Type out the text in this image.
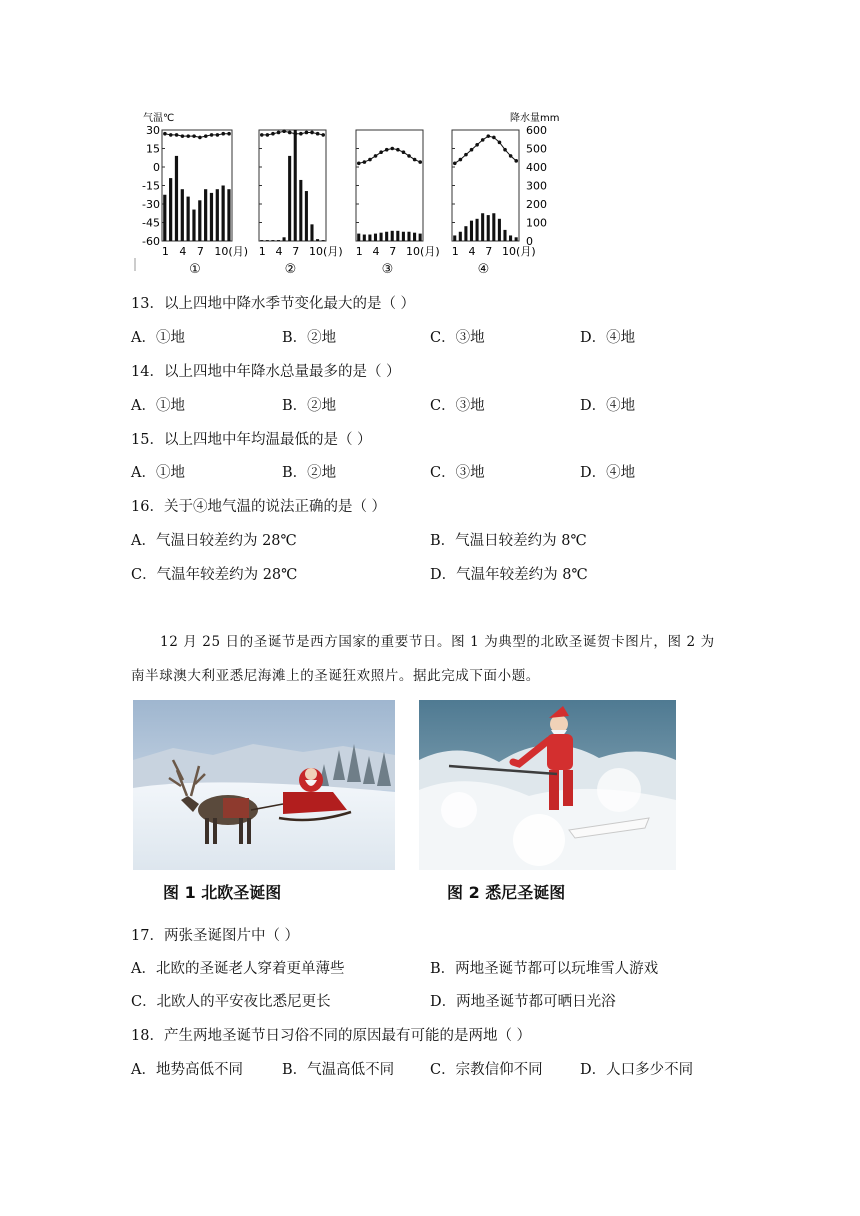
气温℃	降水量mm
30
15
0
-15
-30
-45
-60
600
500
400
300
200
100
0
1 4 7 10(月)
①
1 4 7 10(月)
②
1 4 7 10(月)
③
1 4 7 10(月)
④
13．以上四地中降水季节变化最大的是（ ）
A．①地	B．②地	C．③地	D．④地
14．以上四地中年降水总量最多的是（ ）
A．①地	B．②地	C．③地	D．④地
15．以上四地中年均温最低的是（ ）
A．①地	B．②地	C．③地	D．④地
16．关于④地气温的说法正确的是（ ）
A．气温日较差约为 28℃	B．气温日较差约为 8℃
C．气温年较差约为 28℃	D．气温年较差约为 8℃
12 月 25 日的圣诞节是西方国家的重要节日。图 1 为典型的北欧圣诞贺卡图片，图 2 为
南半球澳大利亚悉尼海滩上的圣诞狂欢照片。据此完成下面小题。
图 1 北欧圣诞图	图 2 悉尼圣诞图
17．两张圣诞图片中（ ）
A．北欧的圣诞老人穿着更单薄些	B．两地圣诞节都可以玩堆雪人游戏
C．北欧人的平安夜比悉尼更长	D．两地圣诞节都可晒日光浴
18．产生两地圣诞节日习俗不同的原因最有可能的是两地（ ）
A．地势高低不同	B．气温高低不同 C．宗教信仰不同	D．人口多少不同
